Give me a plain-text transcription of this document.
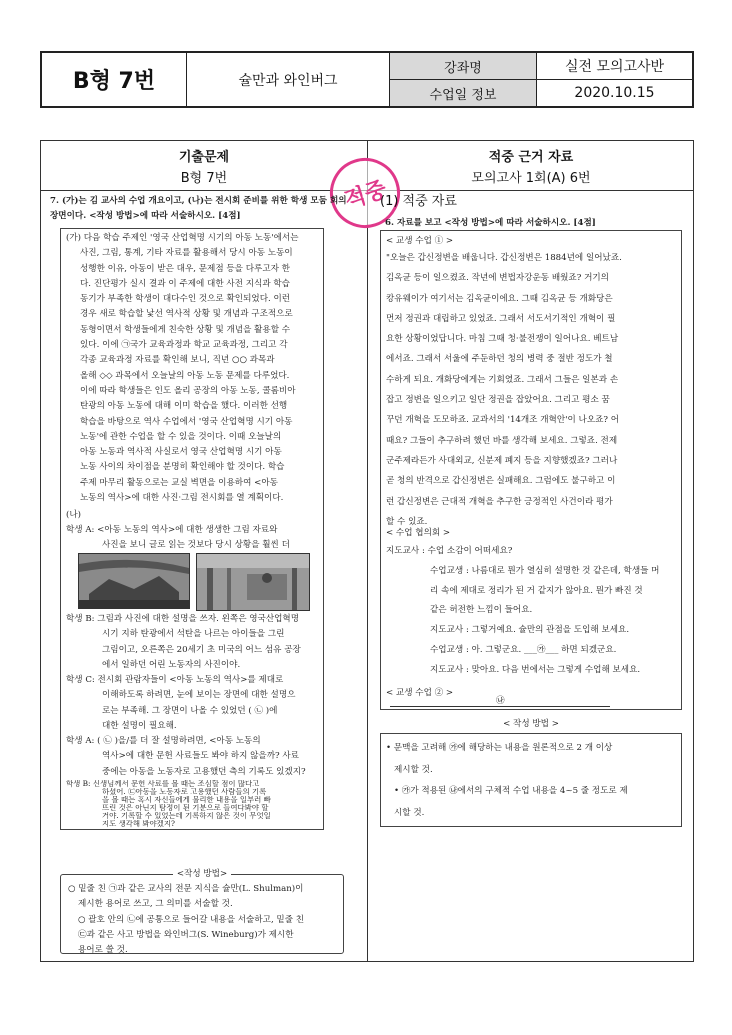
B형 7번	슐만과 와인버그	강좌명	실전 모의고사반
		수업일 정보	2020.10.15
기출문제
B형 7번
적중 근거 자료
모의고사 1회(A) 6번
적중
7. (가)는 김 교사의 수업 개요이고, (나)는 전시회 준비를 위한 학생 모둠 회의 장면이다. <작성 방법>에 따라 서술하시오. [4점]
(가) 다음 학습 주제인 '영국 산업혁명 시기의 아동 노동'에서는
사진, 그림, 통계, 기타 자료를 활용해서 당시 아동 노동이
성행한 이유, 아동이 받은 대우, 문제점 등을 다루고자 한
다. 진단평가 실시 결과 이 주제에 대한 사전 지식과 학습
동기가 부족한 학생이 대다수인 것으로 확인되었다. 이런
경우 새로 학습할 낯선 역사적 상황 및 개념과 구조적으로
동형이면서 학생들에게 친숙한 상황 및 개념을 활용할 수
있다. 이에 ㉠국가 교육과정과 학교 교육과정, 그리고 각
각종 교육과정 자료를 확인해 보니, 직년 ○○ 과목과
올해 ◇◇ 과목에서 오늘날의 아동 노동 문제를 다루었다.
이에 따라 학생들은 인도 올리 공장의 아동 노동, 콜롬비아
탄광의 아동 노동에 대해 이미 학습을 했다. 이러한 선행
학습을 바탕으로 역사 수업에서 '영국 산업혁명 시기 아동
노동'에 관한 수업을 할 수 있을 것이다. 이때 오늘날의
아동 노동과 역사적 사실로서 영국 산업혁명 시기 아동
노동 사이의 차이점을 분명히 확인해야 할 것이다. 학습
주제 마무리 활동으로는 교실 벽면을 이용하여 <아동
노동의 역사>에 대한 사진·그림 전시회를 열 계획이다.
(나)
학생 A: <아동 노동의 역사>에 대한 생생한 그림 자료와
사진을 보니 글로 읽는 것보다 당시 상황을 훨씬 더
학생 B: 그림과 사진에 대한 설명을 쓰자. 왼쪽은 영국산업혁명
시기 지하 탄광에서 석탄을 나르는 아이들을 그린
그림이고, 오른쪽은 20세기 초 미국의 어느 섬유 공장
에서 일하던 어린 노동자의 사진이야.
학생 C: 전시회 관람자들이 <아동 노동의 역사>를 제대로
이해하도록 하려면, 눈에 보이는 장면에 대한 설명으
로는 부족해. 그 장면이 나올 수 있었던 ( ㉡ )에
대한 설명이 필요해.
학생 A: ( ㉡ )을/를 더 잘 설명하려면, <아동 노동의
역사>에 대한 문헌 사료들도 봐야 하지 않을까? 사료
중에는 아동을 노동자로 고용했던 측의 기록도 있겠지?
학생 B: 신생님께서 문헌 사료를 볼 때는 조심할 점이 많다고
하셨어. ㉢아동을 노동자로 고용했던 사람들의 기록
을 볼 때는 혹시 자신들에게 불리한 내용을 일부러 빠
뜨린 것은 아닌지 탐정이 된 기분으로 들여다봐야 할
거야. 기록할 수 있었는데 기록하지 않은 것이 무엇일
지도 생각해 봐야겠지?
<작성 방법>
○ 밑줄 친 ㉠과 같은 교사의 전문 지식을 슐만(L. Shulman)이
제시한 용어로 쓰고, 그 의미를 서술할 것.
○ 괄호 안의 ㉡에 공통으로 들어갈 내용을 서술하고, 밑줄 친
㉢과 같은 사고 방법을 와인버그(S. Wineburg)가 제시한
용어로 쓸 것.
(1) 적중 자료
6. 자료를 보고 <작성 방법>에 따라 서술하시오. [4점]
< 교생 수업 ① >
"오늘은 갑신정변을 배웁니다. 갑신정변은 1884년에 일어났죠.
김옥균 등이 일으켰죠. 작년에 변법자강운동 배웠죠? 거기의
캉유웨이가 여기서는 김옥균이에요. 그때 김옥균 등 개화당은
먼저 정권과 대립하고 있었죠. 그래서 서도서기적인 개혁이 필
요한 상황이었답니다. 마침 그때 청·불전쟁이 일어나요. 베트남
에서죠. 그래서 서울에 주둔하던 청의 병력 중 절반 정도가 철
수하게 되요. 개화당에게는 기회였죠. 그래서 그들은 일본과 손
잡고 정변을 일으키고 일단 정권을 잡았어요. 그리고 평소 꿈
꾸던 개혁을 도모하죠. 교과서의 '14개조 개혁안'이 나오죠? 어
때요? 그들이 추구하려 했던 바를 생각해 보세요. 그렇죠. 전제
군주제라든가 사대외교, 신분제 폐지 등을 지향했겠죠? 그러나
곧 청의 반격으로 갑신정변은 실패해요. 그럼에도 불구하고 이
런 갑신정변은 근대적 개혁을 추구한 긍정적인 사건이라 평가
할 수 있죠.
< 수업 협의회 >
지도교사 : 수업 소감이 어떠세요?
수업교생 : 나름대로 뭔가 열심히 설명한 것 같은데, 학생들 머
리 속에 제대로 정리가 된 거 같지가 않아요. 뭔가 빠진 것
같은 허전한 느낌이 들어요.
지도교사 : 그렇거예요. 슐만의 관점을 도입해 보세요.
수업교생 : 아. 그렇군요. ___㉮___ 하면 되겠군요.
지도교사 : 맞아요. 다음 번에서는 그렇게 수업해 보세요.
< 교생 수업 ② >
㉯
< 작성 방법 >
• 문맥을 고려해 ㉮에 해당하는 내용을 원론적으로 2 개 이상
제시할 것.
• ㉮가 적용된 ㉯에서의 구체적 수업 내용을 4~5 줄 정도로 제
시할 것.
